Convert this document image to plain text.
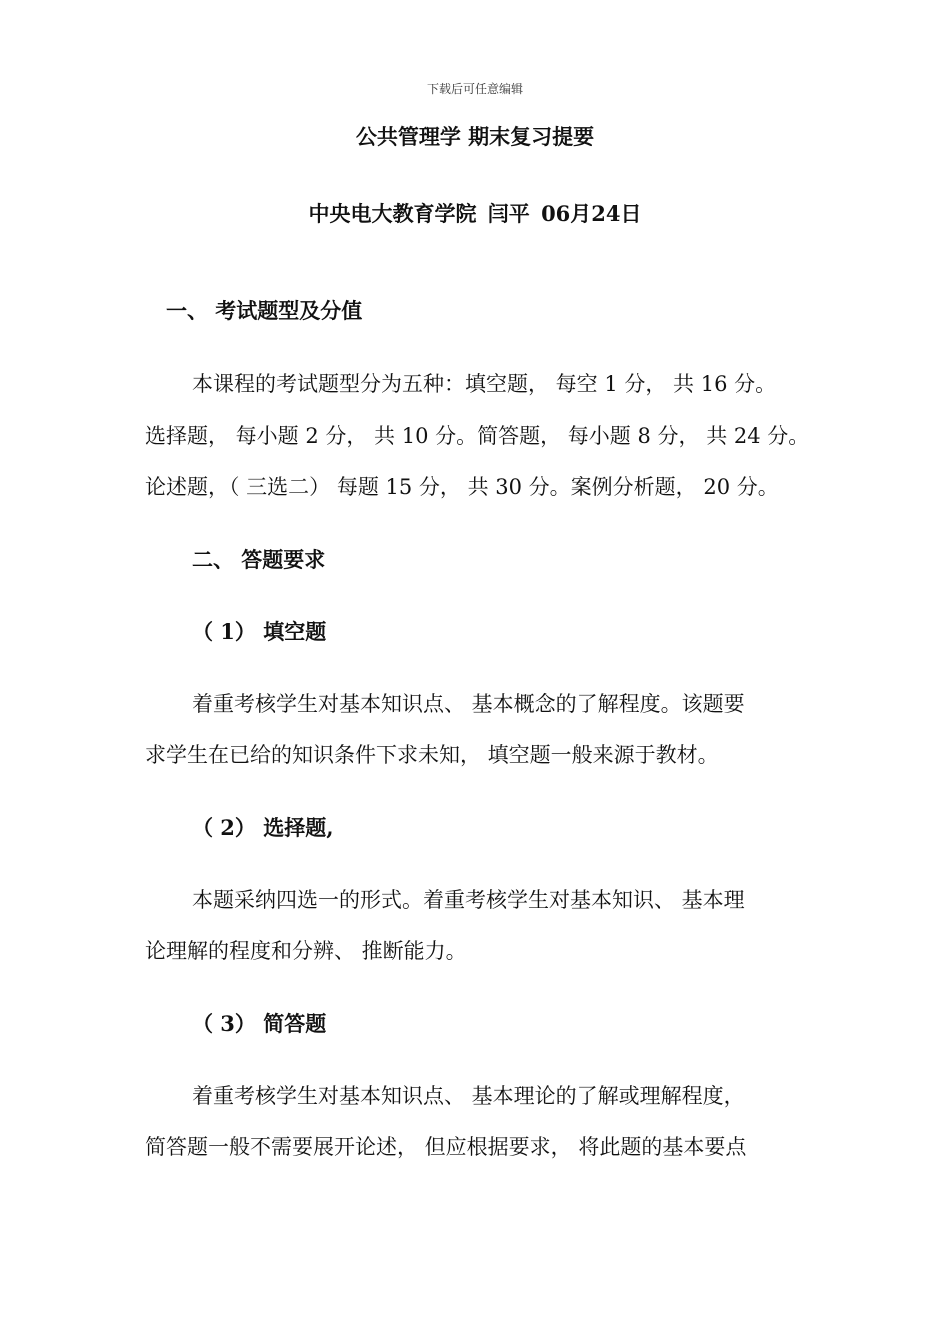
下载后可任意编辑
公共管理学 期末复习提要
中央电大教育学院 闫平 06月24日
一、 考试题型及分值

本课程的考试题型分为五种：填空题， 每空 1 分， 共 16 分。

选择题， 每小题 2 分， 共 10 分。简答题， 每小题 8 分， 共 24 分。

论述题，（ 三选二） 每题 15 分， 共 30 分。案例分析题， 20 分。

二、 答题要求
（ 1） 填空题

着重考核学生对基本知识点、 基本概念的了解程度。该题要

求学生在已给的知识条件下求未知， 填空题一般来源于教材。

（ 2） 选择题,

本题采纳四选一的形式。着重考核学生对基本知识、 基本理

论理解的程度和分辨、 推断能力。

（ 3） 简答题

着重考核学生对基本知识点、 基本理论的了解或理解程度，

简答题一般不需要展开论述， 但应根据要求， 将此题的基本要点
